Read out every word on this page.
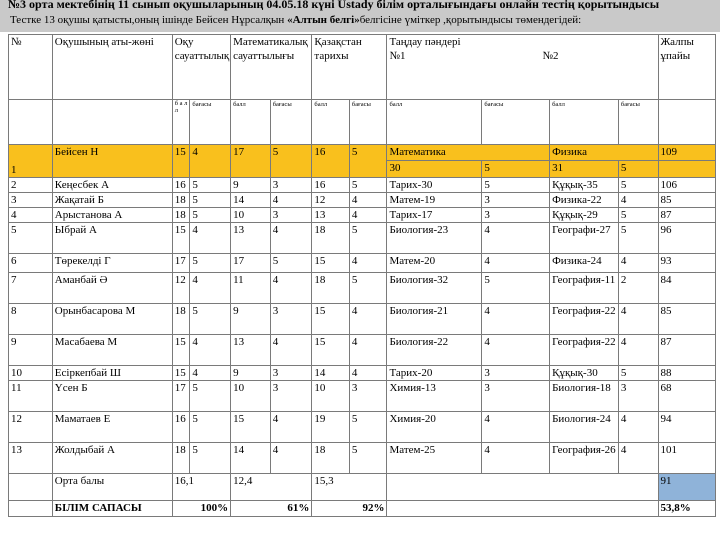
№3 орта мектебінің 11 сынып оқушыларының 04.05.18 күні Ustady білім орталығындағы онлайн тестің қорытындысы
Тестке 13 оқушы қатысты,оның ішінде Бейсен Нұрсалқын «Алтын белгі»белгісіне үміткер ,қорытындысы төмендегідей:
№	Оқушының аты-жөні	Оқу сауаттылық		Математикалық сауаттылығы		Қазақстан тарихы		Таңдау пәндері
№1 №2				Жалпы ұпайы
		б а л л	бағасы	балл	бағасы	балл	бағасы	балл	бағасы	балл	бағасы	
1	Бейсен Н	15	4	17	5	16	5	Математика		Физика		109
								30	5	31	5	
2	Кеңесбек А	16	5	9	3	16	5	Тарих-30	5	Құқық-35	5	106
3	Жақатай Б	18	5	14	4	12	4	Матем-19	3	Физика-22	4	85
4	Арыстанова А	18	5	10	3	13	4	Тарих-17	3	Құқық-29	5	87
5	Ыбрай А	15	4	13	4	18	5	Биология-23	4	Географи-27	5	96
6	Төрекелді Г	17	5	17	5	15	4	Матем-20	4	Физика-24	4	93
7	Аманбай Ә	12	4	11	4	18	5	Биология-32	5	География-11	2	84
8	Орынбасарова М	18	5	9	3	15	4	Биология-21	4	География-22	4	85
9	Масабаева М	15	4	13	4	15	4	Биология-22	4	География-22	4	87
10	Есіркепбай Ш	15	4	9	3	14	4	Тарих-20	3	Құқық-30	5	88
11	Үсен Б	17	5	10	3	10	3	Химия-13	3	Биология-18	3	68
12	Маматаев Е	16	5	15	4	19	5	Химия-20	4	Биология-24	4	94
13	Жолдыбай А	18	5	14	4	18	5	Матем-25	4	География-26	4	101
	Орта балы	16,1		12,4		15,3						91
	БІЛІМ САПАСЫ	100%		61%		92%						53,8%
